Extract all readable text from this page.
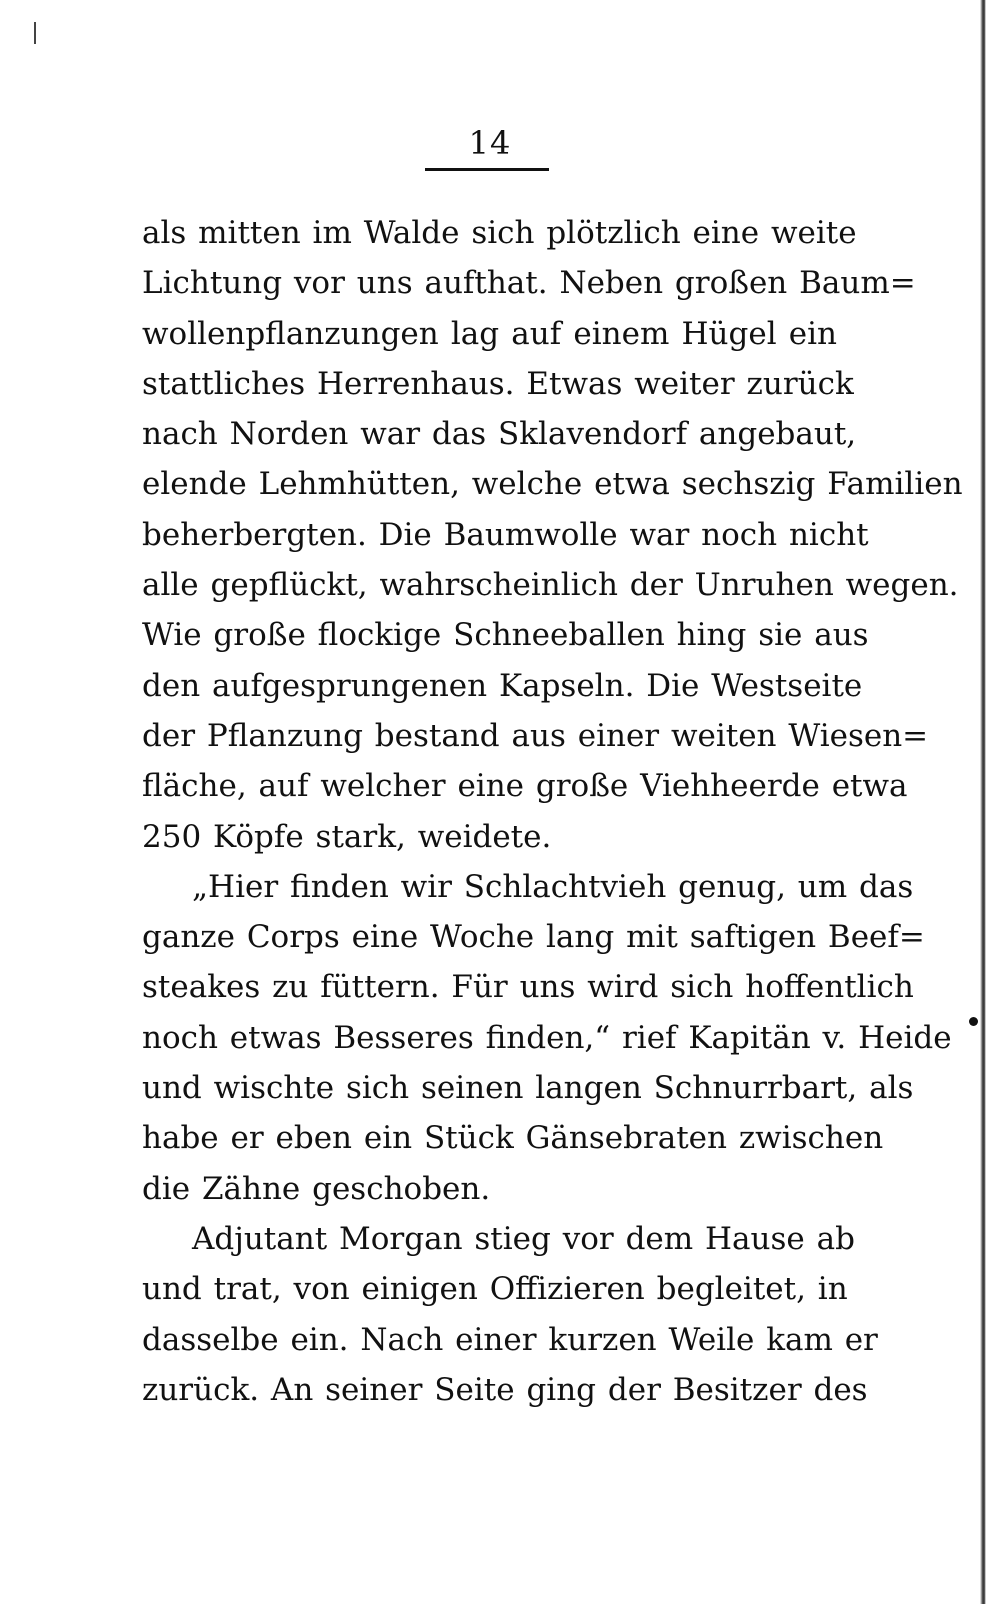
14
als mitten im Walde sich plötzlich eine weite
Lichtung vor uns aufthat. Neben großen Baum=
wollenpflanzungen lag auf einem Hügel ein
stattliches Herrenhaus. Etwas weiter zurück
nach Norden war das Sklavendorf angebaut,
elende Lehmhütten, welche etwa sechszig Familien
beherbergten. Die Baumwolle war noch nicht
alle gepflückt, wahrscheinlich der Unruhen wegen.
Wie große flockige Schneeballen hing sie aus
den aufgesprungenen Kapseln. Die Westseite
der Pflanzung bestand aus einer weiten Wiesen=
fläche, auf welcher eine große Viehheerde etwa
250 Köpfe stark, weidete.
„Hier finden wir Schlachtvieh genug, um das
ganze Corps eine Woche lang mit saftigen Beef=
steakes zu füttern. Für uns wird sich hoffentlich
noch etwas Besseres finden,“ rief Kapitän v. Heide
und wischte sich seinen langen Schnurrbart, als
habe er eben ein Stück Gänsebraten zwischen
die Zähne geschoben.
Adjutant Morgan stieg vor dem Hause ab
und trat, von einigen Offizieren begleitet, in
dasselbe ein. Nach einer kurzen Weile kam er
zurück. An seiner Seite ging der Besitzer des
